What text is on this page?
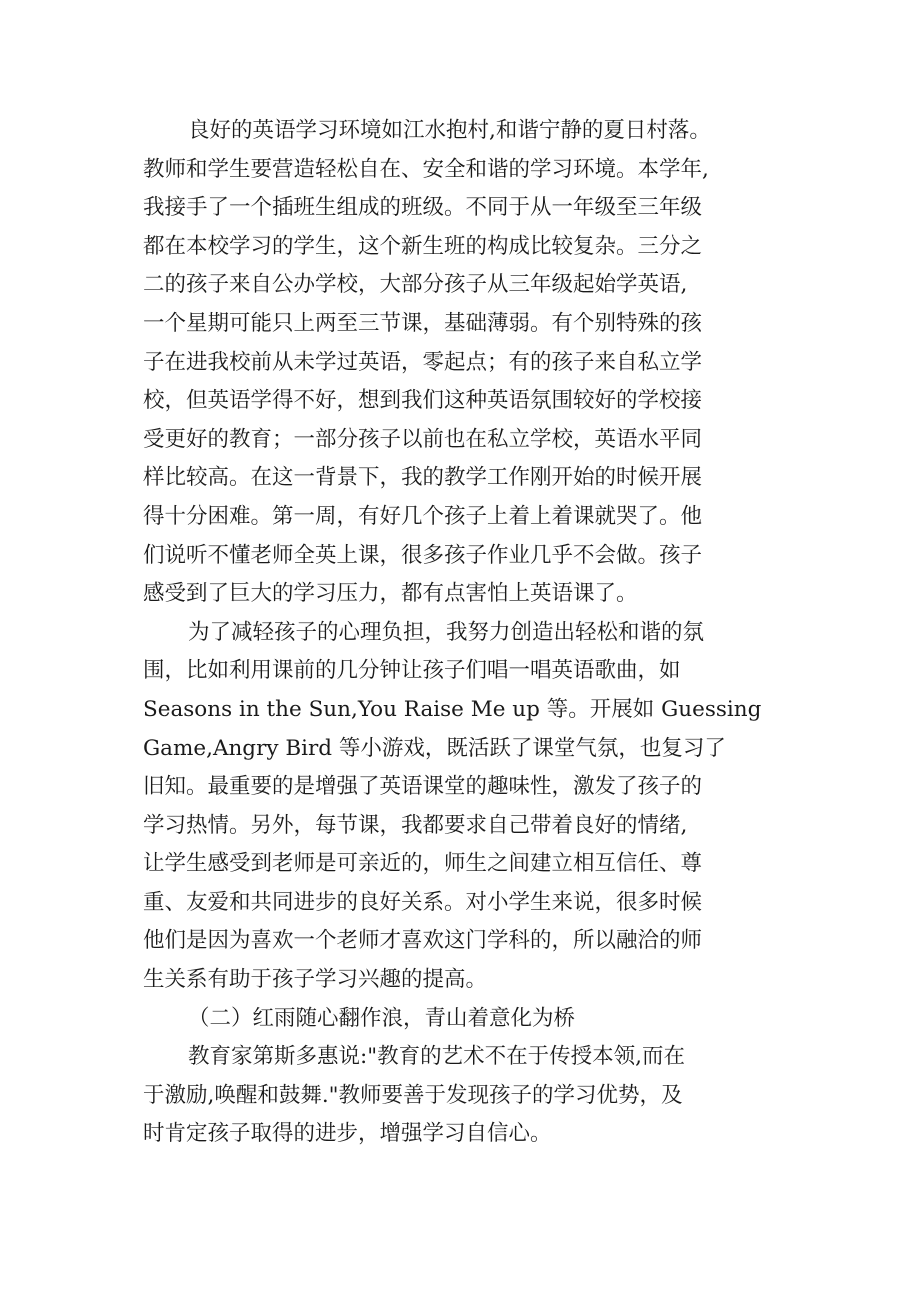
良好的英语学习环境如江水抱村,和谐宁静的夏日村落。
教师和学生要营造轻松自在、安全和谐的学习环境。本学年,
我接手了一个插班生组成的班级。不同于从一年级至三年级
都在本校学习的学生，这个新生班的构成比较复杂。三分之
二的孩子来自公办学校，大部分孩子从三年级起始学英语,
一个星期可能只上两至三节课，基础薄弱。有个别特殊的孩
子在进我校前从未学过英语，零起点；有的孩子来自私立学
校，但英语学得不好，想到我们这种英语氛围较好的学校接
受更好的教育；一部分孩子以前也在私立学校，英语水平同
样比较高。在这一背景下，我的教学工作刚开始的时候开展
得十分困难。第一周，有好几个孩子上着上着课就哭了。他
们说听不懂老师全英上课，很多孩子作业几乎不会做。孩子
感受到了巨大的学习压力，都有点害怕上英语课了。
为了减轻孩子的心理负担，我努力创造出轻松和谐的氛
围，比如利用课前的几分钟让孩子们唱一唱英语歌曲，如
Seasons in the Sun,You Raise Me up 等。开展如 Guessing
Game,Angry Bird 等小游戏，既活跃了课堂气氛，也复习了
旧知。最重要的是增强了英语课堂的趣味性，激发了孩子的
学习热情。另外，每节课，我都要求自己带着良好的情绪,
让学生感受到老师是可亲近的，师生之间建立相互信任、尊
重、友爱和共同进步的良好关系。对小学生来说，很多时候
他们是因为喜欢一个老师才喜欢这门学科的，所以融洽的师
生关系有助于孩子学习兴趣的提高。
（二）红雨随心翻作浪，青山着意化为桥
教育家第斯多惠说:"教育的艺术不在于传授本领,而在
于激励,唤醒和鼓舞."教师要善于发现孩子的学习优势，及
时肯定孩子取得的进步，增强学习自信心。
